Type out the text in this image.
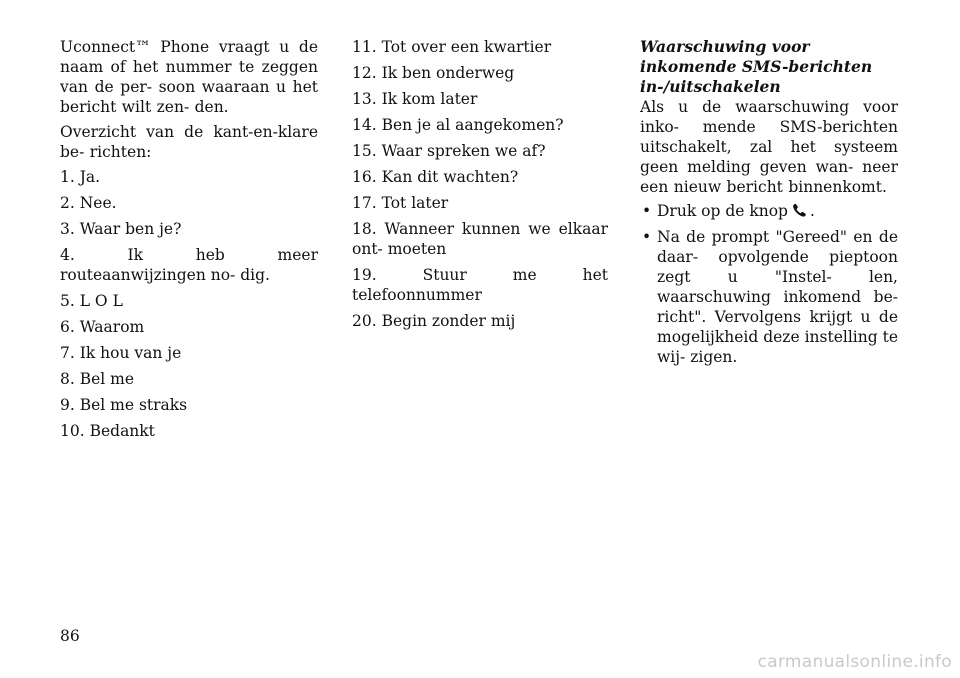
Uconnect™ Phone vraagt u de naam of het nummer te zeggen van de per- soon waaraan u het bericht wilt zen- den.

Overzicht van de kant-en-klare be- richten:

1. Ja.
2. Nee.
3. Waar ben je?
4. Ik heb meer routeaanwijzingen no- dig.
5. L O L
6. Waarom
7. Ik hou van je
8. Bel me
9. Bel me straks
10. Bedankt
11. Tot over een kwartier
12. Ik ben onderweg
13. Ik kom later
14. Ben je al aangekomen?
15. Waar spreken we af?
16. Kan dit wachten?
17. Tot later
18. Wanneer kunnen we elkaar ont- moeten
19. Stuur me het telefoonnummer
20. Begin zonder mij

Waarschuwing voor inkomende SMS-berichten in-/uitschakelen

Als u de waarschuwing voor inko- mende SMS-berichten uitschakelt, zal het systeem geen melding geven wan- neer een nieuw bericht binnenkomt.

• Druk op de knop .
• Na de prompt "Gereed" en de daar- opvolgende pieptoon zegt u "Instel- len, waarschuwing inkomend be- richt". Vervolgens krijgt u de mogelijkheid deze instelling te wij- zigen.
86
carmanualsonline.info
